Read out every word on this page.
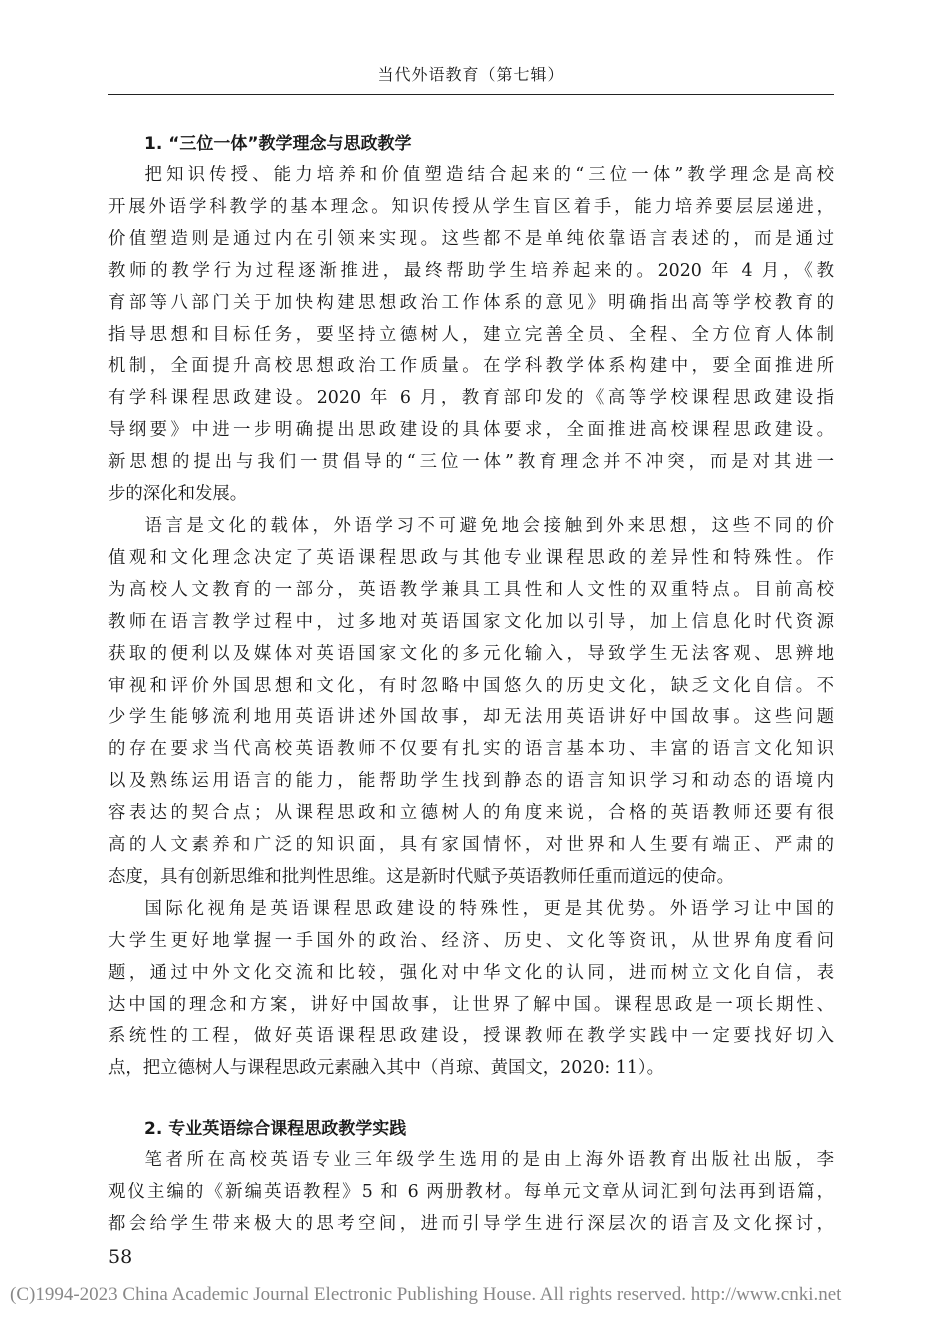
当代外语教育（第七辑）
1. “三位一体”教学理念与思政教学

把知识传授、能力培养和价值塑造结合起来的“三位一体”教学理念是高校
开展外语学科教学的基本理念。知识传授从学生盲区着手，能力培养要层层递进，
价值塑造则是通过内在引领来实现。这些都不是单纯依靠语言表述的，而是通过
教师的教学行为过程逐渐推进，最终帮助学生培养起来的。2020 年 4 月，《教
育部等八部门关于加快构建思想政治工作体系的意见》明确指出高等学校教育的
指导思想和目标任务，要坚持立德树人，建立完善全员、全程、全方位育人体制
机制，全面提升高校思想政治工作质量。在学科教学体系构建中，要全面推进所
有学科课程思政建设。2020 年 6 月，教育部印发的《高等学校课程思政建设指
导纲要》中进一步明确提出思政建设的具体要求，全面推进高校课程思政建设。
新思想的提出与我们一贯倡导的“三位一体”教育理念并不冲突，而是对其进一
步的深化和发展。

语言是文化的载体，外语学习不可避免地会接触到外来思想，这些不同的价
值观和文化理念决定了英语课程思政与其他专业课程思政的差异性和特殊性。作
为高校人文教育的一部分，英语教学兼具工具性和人文性的双重特点。目前高校
教师在语言教学过程中，过多地对英语国家文化加以引导，加上信息化时代资源
获取的便利以及媒体对英语国家文化的多元化输入，导致学生无法客观、思辨地
审视和评价外国思想和文化，有时忽略中国悠久的历史文化，缺乏文化自信。不
少学生能够流利地用英语讲述外国故事，却无法用英语讲好中国故事。这些问题
的存在要求当代高校英语教师不仅要有扎实的语言基本功、丰富的语言文化知识
以及熟练运用语言的能力，能帮助学生找到静态的语言知识学习和动态的语境内
容表达的契合点；从课程思政和立德树人的角度来说，合格的英语教师还要有很
高的人文素养和广泛的知识面，具有家国情怀，对世界和人生要有端正、严肃的
态度，具有创新思维和批判性思维。这是新时代赋予英语教师任重而道远的使命。

国际化视角是英语课程思政建设的特殊性，更是其优势。外语学习让中国的
大学生更好地掌握一手国外的政治、经济、历史、文化等资讯，从世界角度看问
题，通过中外文化交流和比较，强化对中华文化的认同，进而树立文化自信，表
达中国的理念和方案，讲好中国故事，让世界了解中国。课程思政是一项长期性、
系统性的工程，做好英语课程思政建设，授课教师在教学实践中一定要找好切入
点，把立德树人与课程思政元素融入其中（肖琼、黄国文，2020: 11）。

2. 专业英语综合课程思政教学实践

笔者所在高校英语专业三年级学生选用的是由上海外语教育出版社出版，李
观仪主编的《新编英语教程》5 和 6 两册教材。每单元文章从词汇到句法再到语篇，
都会给学生带来极大的思考空间，进而引导学生进行深层次的语言及文化探讨，

58
(C)1994-2023 China Academic Journal Electronic Publishing House. All rights reserved. http://www.cnki.net
